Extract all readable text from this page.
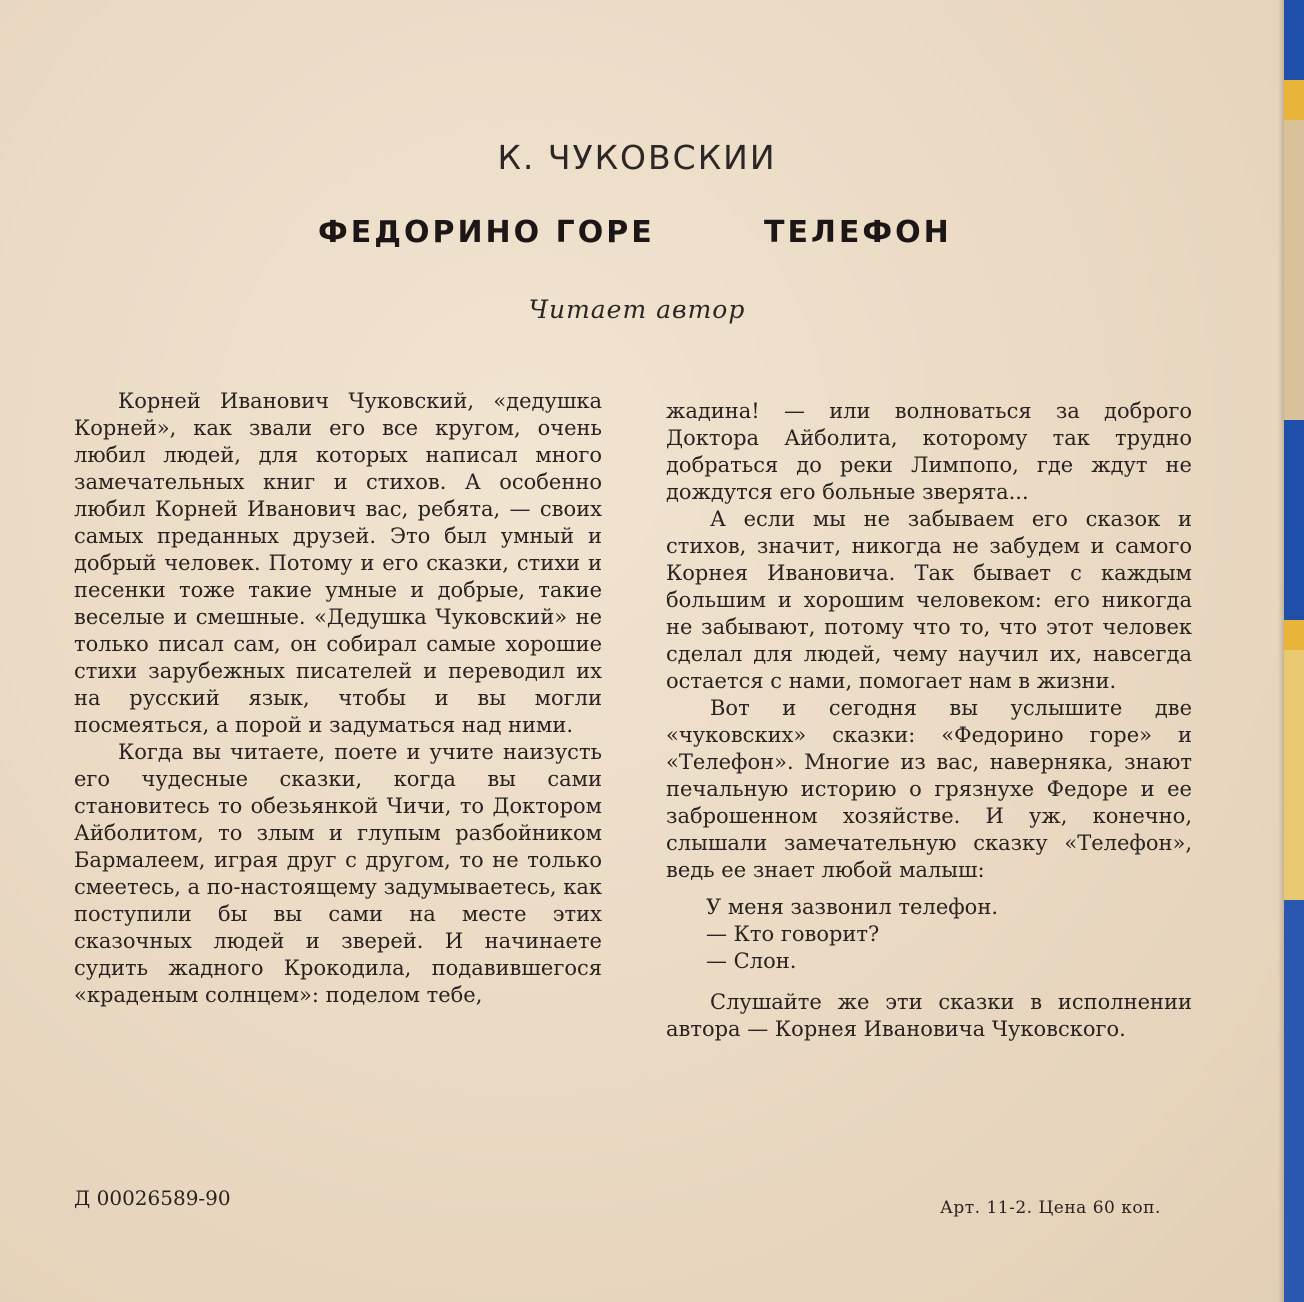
К. ЧУКОВСКИИ
ФЕДОРИНО ГОРЕ	ТЕЛЕФОН
Читает автор

Корней Иванович Чуковский, «дедушка Корней», как звали его все кругом, очень любил людей, для которых написал много замечательных книг и стихов. А особенно любил Корней Иванович вас, ребята, — своих самых преданных друзей. Это был умный и добрый человек. Потому и его сказки, стихи и песенки тоже такие умные и добрые, такие веселые и смешные. «Дедушка Чуковский» не только писал сам, он собирал самые хорошие стихи зарубежных писателей и переводил их на русский язык, чтобы и вы могли посмеяться, а порой и задуматься над ними.

Когда вы читаете, поете и учите наизусть его чудесные сказки, когда вы сами становитесь то обезьянкой Чичи, то Доктором Айболитом, то злым и глупым разбойником Бармалеем, играя друг с другом, то не только смеетесь, а по-настоящему задумываетесь, как поступили бы вы сами на месте этих сказочных людей и зверей. И начинаете судить жадного Крокодила, подавившегося «краденым солнцем»: поделом тебе,

жадина! — или волноваться за доброго Доктора Айболита, которому так трудно добраться до реки Лимпопо, где ждут не дождутся его больные зверята...

А если мы не забываем его сказок и стихов, значит, никогда не забудем и самого Корнея Ивановича. Так бывает с каждым большим и хорошим человеком: его никогда не забывают, потому что то, что этот человек сделал для людей, чему научил их, навсегда остается с нами, помогает нам в жизни.

Вот и сегодня вы услышите две «чуковских» сказки: «Федорино горе» и «Телефон». Многие из вас, наверняка, знают печальную историю о грязнухе Федоре и ее заброшенном хозяйстве. И уж, конечно, слышали замечательную сказку «Телефон», ведь ее знает любой малыш:

У меня зазвонил телефон.
— Кто говорит?
— Слон.

Слушайте же эти сказки в исполнении автора — Корнея Ивановича Чуковского.

Д 00026589-90	Арт. 11-2. Цена 60 коп.
